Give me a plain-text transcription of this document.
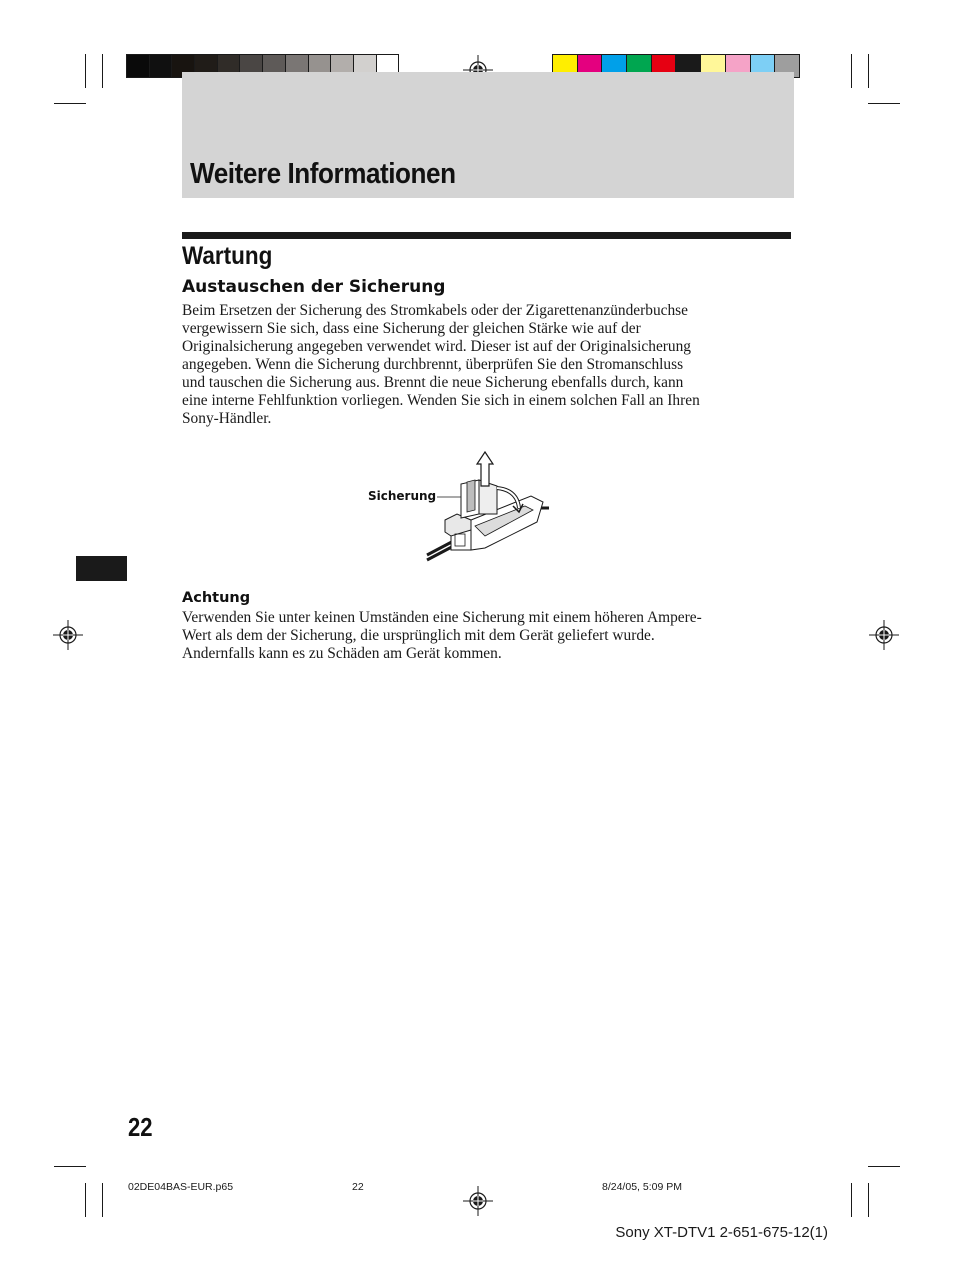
Weitere Informationen
Wartung
Austauschen der Sicherung
Beim Ersetzen der Sicherung des Stromkabels oder der Zigarettenanzünderbuchse
vergewissern Sie sich, dass eine Sicherung der gleichen Stärke wie auf der
Originalsicherung angegeben verwendet wird. Dieser ist auf der Originalsicherung
angegeben. Wenn die Sicherung durchbrennt, überprüfen Sie den Stromanschluss
und tauschen die Sicherung aus. Brennt die neue Sicherung ebenfalls durch, kann
eine interne Fehlfunktion vorliegen. Wenden Sie sich in einem solchen Fall an Ihren
Sony-Händler.
Sicherung
Achtung
Verwenden Sie unter keinen Umständen eine Sicherung mit einem höheren Ampere-
Wert als dem der Sicherung, die ursprünglich mit dem Gerät geliefert wurde.
Andernfalls kann es zu Schäden am Gerät kommen.
22
02DE04BAS-EUR.p65	22	8/24/05, 5:09 PM
Sony XT-DTV1 2-651-675-12(1)
